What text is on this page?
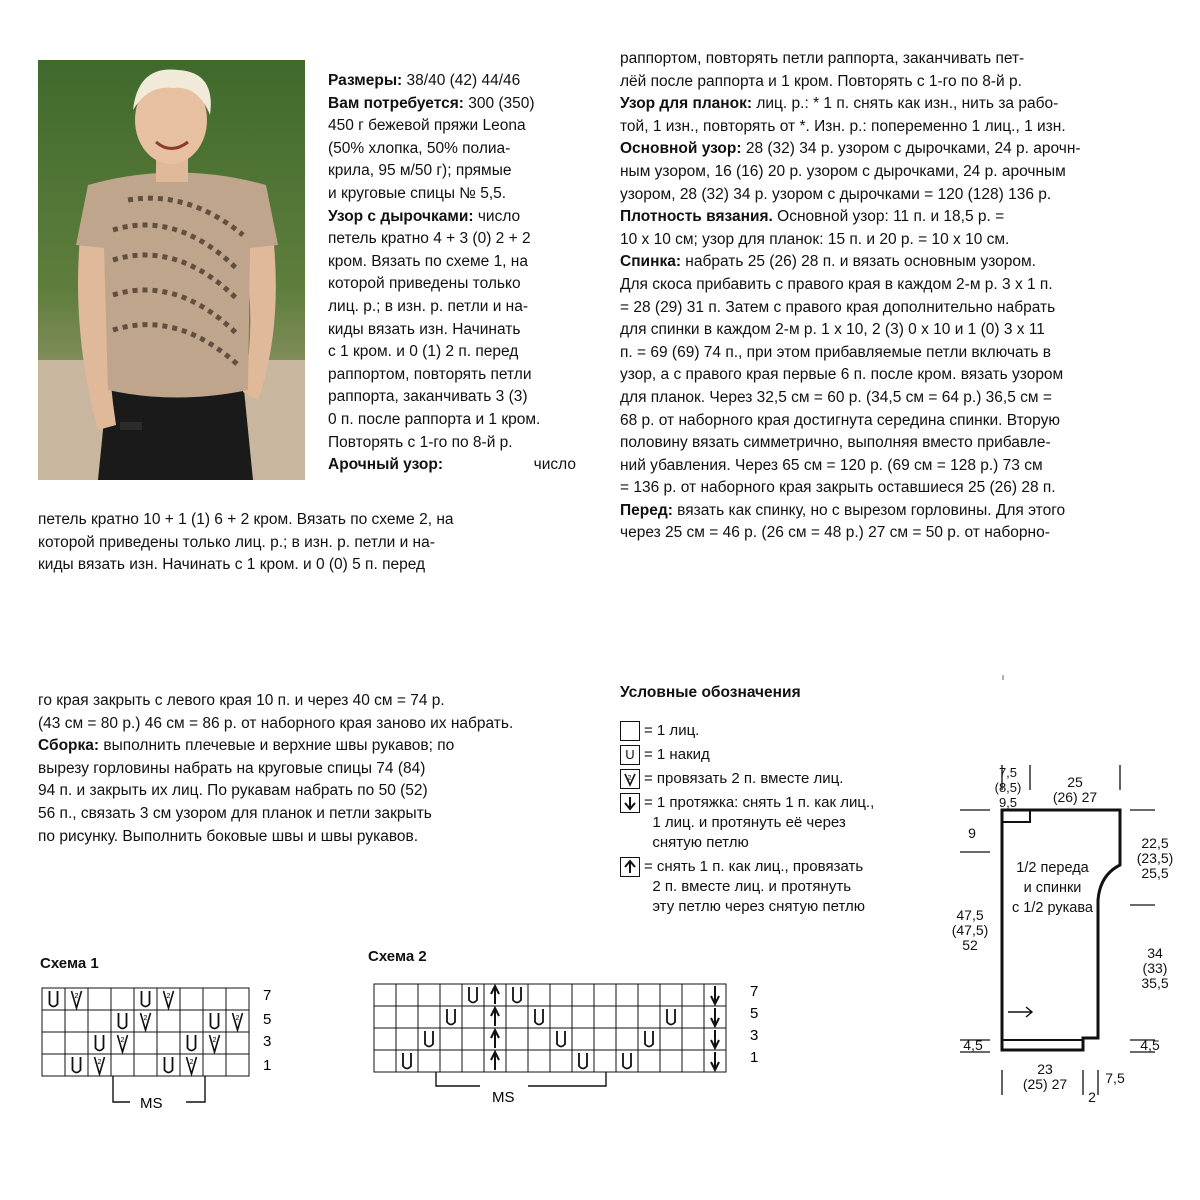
Размеры: 38/40 (42) 44/46
Вам потребуется: 300 (350)
450 г бежевой пряжи Leona
(50% хлопка, 50% полиа-
крила, 95 м/50 г); прямые
и круговые спицы № 5,5.
Узор с дырочками: число
петель кратно 4 + 3 (0) 2 + 2
кром. Вязать по схеме 1, на
которой приведены только
лиц. р.; в изн. р. петли и на-
киды вязать изн. Начинать
с 1 кром. и 0 (1) 2 п. перед
раппортом, повторять петли
раппорта, заканчивать 3 (3)
0 п. после раппорта и 1 кром.
Повторять с 1-го по 8-й р.
Арочный узор:	число
петель кратно 10 + 1 (1) 6 + 2 кром. Вязать по схеме 2, на
которой приведены только лиц. р.; в изн. р. петли и на-
киды вязать изн. Начинать с 1 кром. и 0 (0) 5 п. перед
раппортом, повторять петли раппорта, заканчивать пет-
лёй после раппорта и 1 кром. Повторять с 1-го по 8-й р.
Узор для планок: лиц. р.: * 1 п. снять как изн., нить за рабо-
той, 1 изн., повторять от *. Изн. р.: попеременно 1 лиц., 1 изн.
Основной узор: 28 (32) 34 р. узором с дырочками, 24 р. арочн-
ным узором, 16 (16) 20 р. узором с дырочками, 24 р. арочным
узором, 28 (32) 34 р. узором с дырочками = 120 (128) 136 р.
Плотность вязания. Основной узор: 11 п. и 18,5 р. =
10 х 10 см; узор для планок: 15 п. и 20 р. = 10 х 10 см.
Спинка: набрать 25 (26) 28 п. и вязать основным узором.
Для скоса прибавить с правого края в каждом 2-м р. 3 х 1 п.
= 28 (29) 31 п. Затем с правого края дополнительно набрать
для спинки в каждом 2-м р. 1 х 10, 2 (3) 0 х 10 и 1 (0) 3 х 11
п. = 69 (69) 74 п., при этом прибавляемые петли включать в
узор, а с правого края первые 6 п. после кром. вязать узором
для планок. Через 32,5 см = 60 р. (34,5 см = 64 р.) 36,5 см =
68 р. от наборного края достигнута середина спинки. Вторую
половину вязать симметрично, выполняя вместо прибавле-
ний убавления. Через 65 см = 120 р. (69 см = 128 р.) 73 см
= 136 р. от наборного края закрыть оставшиеся 25 (26) 28 п.
Перед: вязать как спинку, но с вырезом горловины. Для этого
через 25 см = 46 р. (26 см = 48 р.) 27 см = 50 р. от наборно-
го края закрыть с левого края 10 п. и через 40 см = 74 р.
(43 см = 80 р.) 46 см = 86 р. от наборного края заново их набрать.
Сборка: выполнить плечевые и верхние швы рукавов; по
вырезу горловины набрать на круговые спицы 74 (84)
94 п. и закрыть их лиц. По рукавам набрать по 50 (52)
56 п., связать 3 см узором для планок и петли закрыть
по рисунку. Выполнить боковые швы и швы рукавов.
Условные обозначения
= 1 лиц.
U = 1 накид
2 = провязать 2 п. вместе лиц.
= 1 протяжка: снять 1 п. как лиц.,
1 лиц. и протянуть её через
снятую петлю
= снять 1 п. как лиц., провязать
2 п. вместе лиц. и протянуть
эту петлю через снятую петлю
Схема 1
2	2
2	2
2	2
2	2
7
5
3
1
MS
Схема 2
7
5
3
1
MS
7,5
(8,5)
9,5
25
(26) 27
9
1/2 переда
и спинки
с 1/2 рукава
22,5
(23,5)
25,5
47,5
(47,5)
52	34
(33)
35,5
4,5	4,5
23
(25) 27	7,5
2
